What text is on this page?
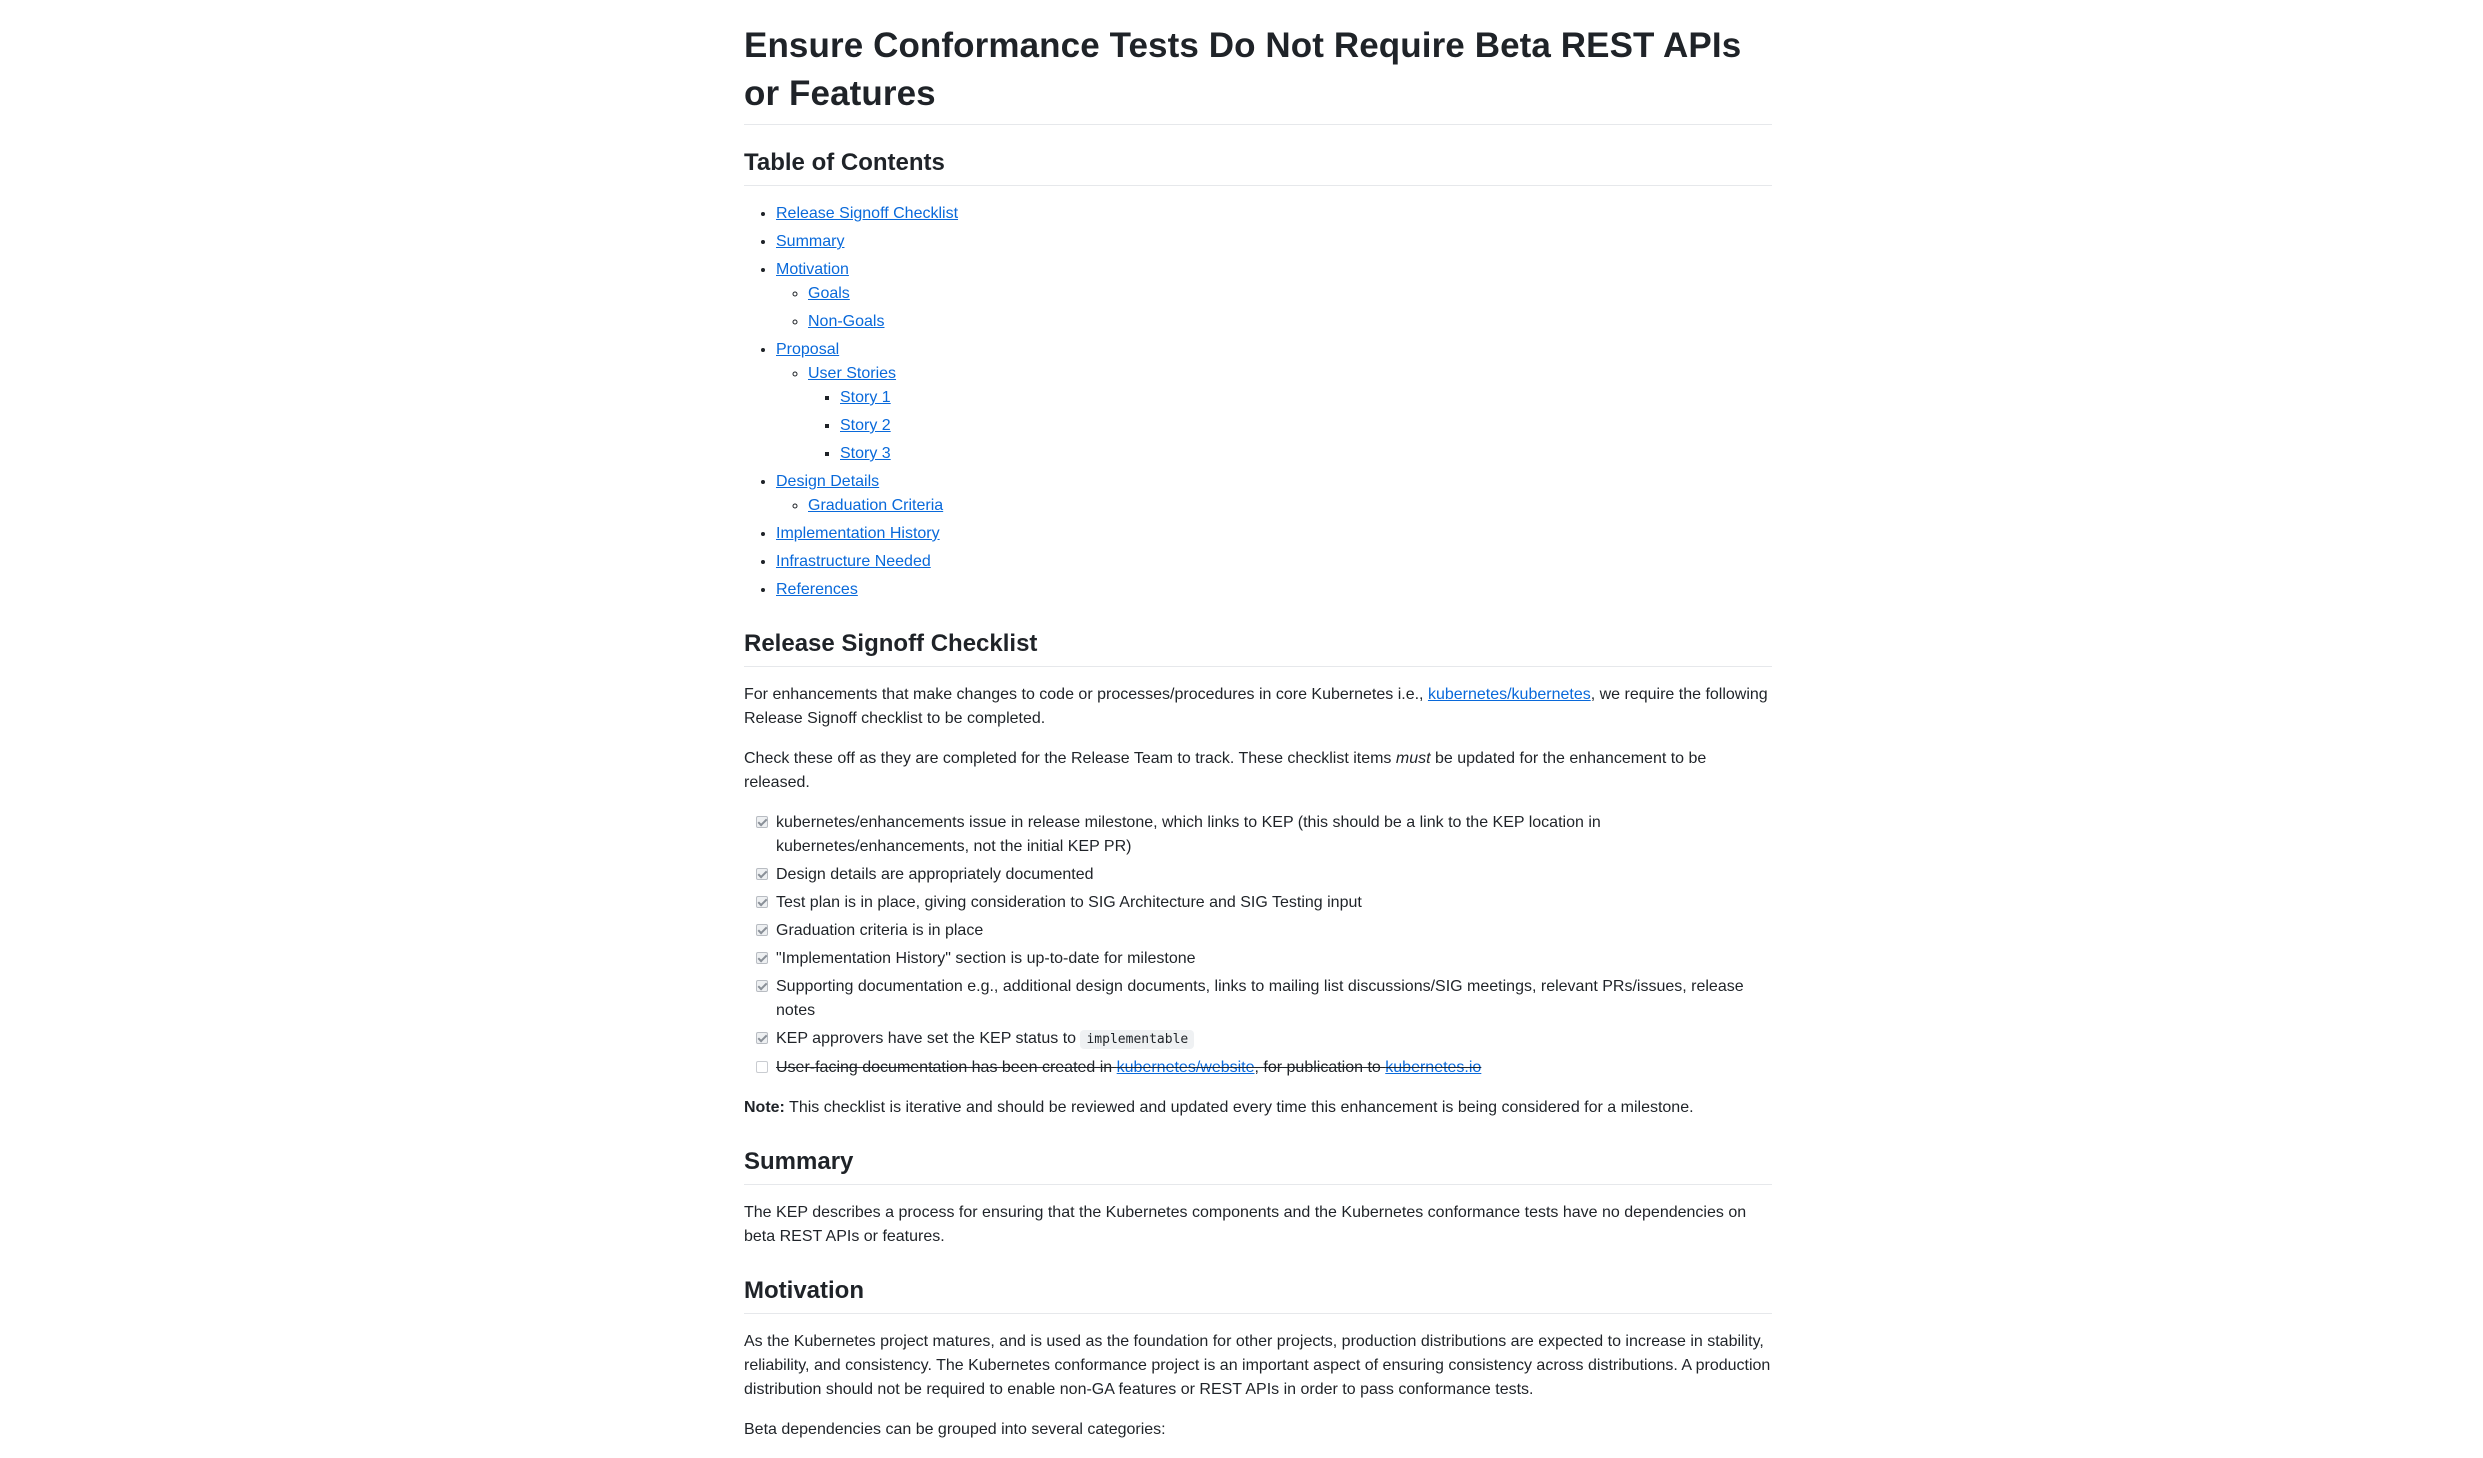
Ensure Conformance Tests Do Not Require Beta REST APIs or Features
Table of Contents
• Release Signoff Checklist
• Summary
• Motivation
◦ Goals
◦ Non-Goals
• Proposal
◦ User Stories
▪ Story 1
▪ Story 2
▪ Story 3
• Design Details
◦ Graduation Criteria
• Implementation History
• Infrastructure Needed
• References
Release Signoff Checklist

For enhancements that make changes to code or processes/procedures in core Kubernetes i.e., kubernetes/kubernetes, we require the following Release Signoff checklist to be completed.

Check these off as they are completed for the Release Team to track. These checklist items must be updated for the enhancement to be released.

kubernetes/enhancements issue in release milestone, which links to KEP (this should be a link to the KEP location in kubernetes/enhancements, not the initial KEP PR)
Design details are appropriately documented
Test plan is in place, giving consideration to SIG Architecture and SIG Testing input
Graduation criteria is in place
"Implementation History" section is up-to-date for milestone
Supporting documentation e.g., additional design documents, links to mailing list discussions/SIG meetings, relevant PRs/issues, release notes
KEP approvers have set the KEP status to implementable
User-facing documentation has been created in kubernetes/website, for publication to kubernetes.io

Note: This checklist is iterative and should be reviewed and updated every time this enhancement is being considered for a milestone.

Summary

The KEP describes a process for ensuring that the Kubernetes components and the Kubernetes conformance tests have no dependencies on beta REST APIs or features.

Motivation

As the Kubernetes project matures, and is used as the foundation for other projects, production distributions are expected to increase in stability, reliability, and consistency. The Kubernetes conformance project is an important aspect of ensuring consistency across distributions. A production distribution should not be required to enable non-GA features or REST APIs in order to pass conformance tests.

Beta dependencies can be grouped into several categories:
